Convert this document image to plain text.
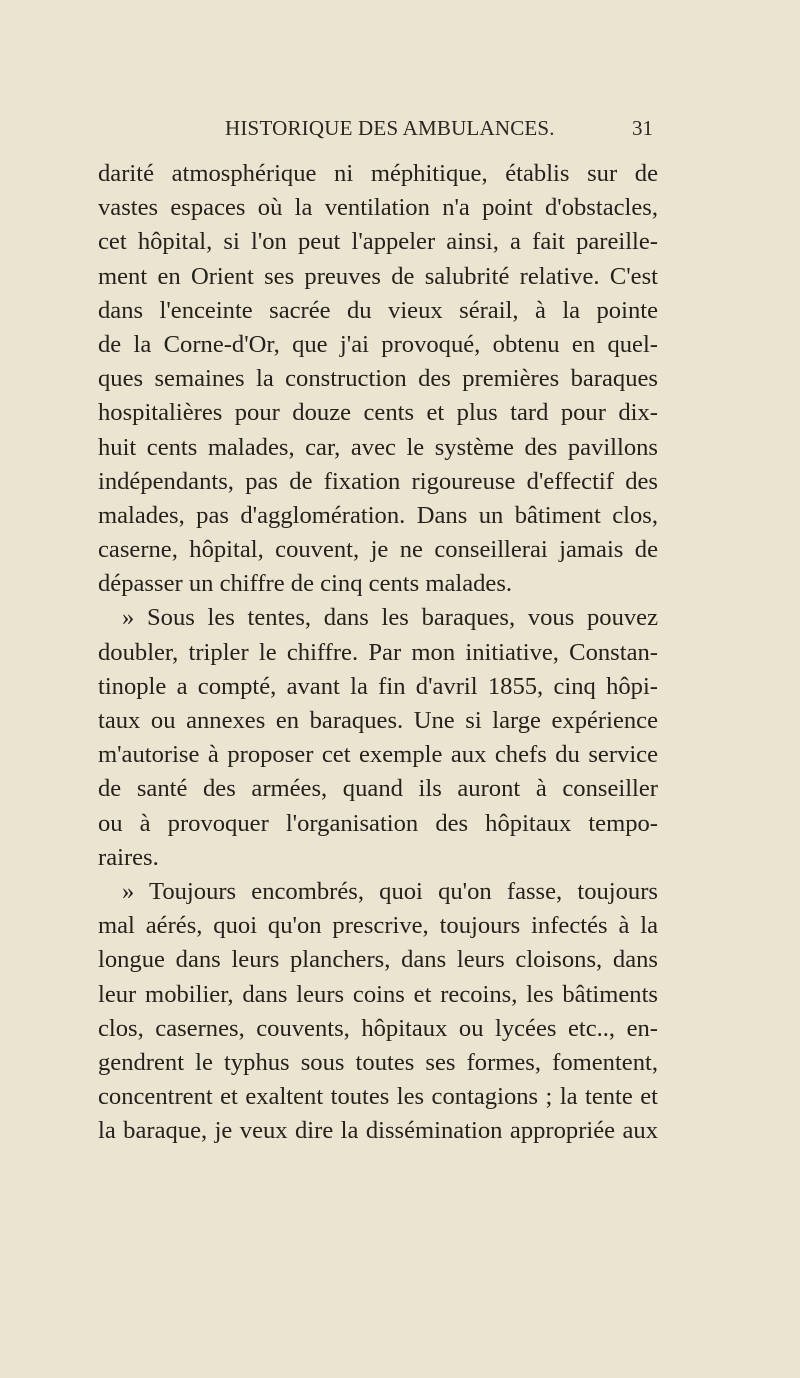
HISTORIQUE DES AMBULANCES.	31
darité atmosphérique ni méphitique, établis sur de
vastes espaces où la ventilation n'a point d'obstacles,
cet hôpital, si l'on peut l'appeler ainsi, a fait pareille-
ment en Orient ses preuves de salubrité relative. C'est
dans l'enceinte sacrée du vieux sérail, à la pointe
de la Corne-d'Or, que j'ai provoqué, obtenu en quel-
ques semaines la construction des premières baraques
hospitalières pour douze cents et plus tard pour dix-
huit cents malades, car, avec le système des pavillons
indépendants, pas de fixation rigoureuse d'effectif des
malades, pas d'agglomération. Dans un bâtiment clos,
caserne, hôpital, couvent, je ne conseillerai jamais de
dépasser un chiffre de cinq cents malades.
» Sous les tentes, dans les baraques, vous pouvez
doubler, tripler le chiffre. Par mon initiative, Constan-
tinople a compté, avant la fin d'avril 1855, cinq hôpi-
taux ou annexes en baraques. Une si large expérience
m'autorise à proposer cet exemple aux chefs du service
de santé des armées, quand ils auront à conseiller
ou à provoquer l'organisation des hôpitaux tempo-
raires.
» Toujours encombrés, quoi qu'on fasse, toujours
mal aérés, quoi qu'on prescrive, toujours infectés à la
longue dans leurs planchers, dans leurs cloisons, dans
leur mobilier, dans leurs coins et recoins, les bâtiments
clos, casernes, couvents, hôpitaux ou lycées etc.., en-
gendrent le typhus sous toutes ses formes, fomentent,
concentrent et exaltent toutes les contagions ; la tente et
la baraque, je veux dire la dissémination appropriée aux
